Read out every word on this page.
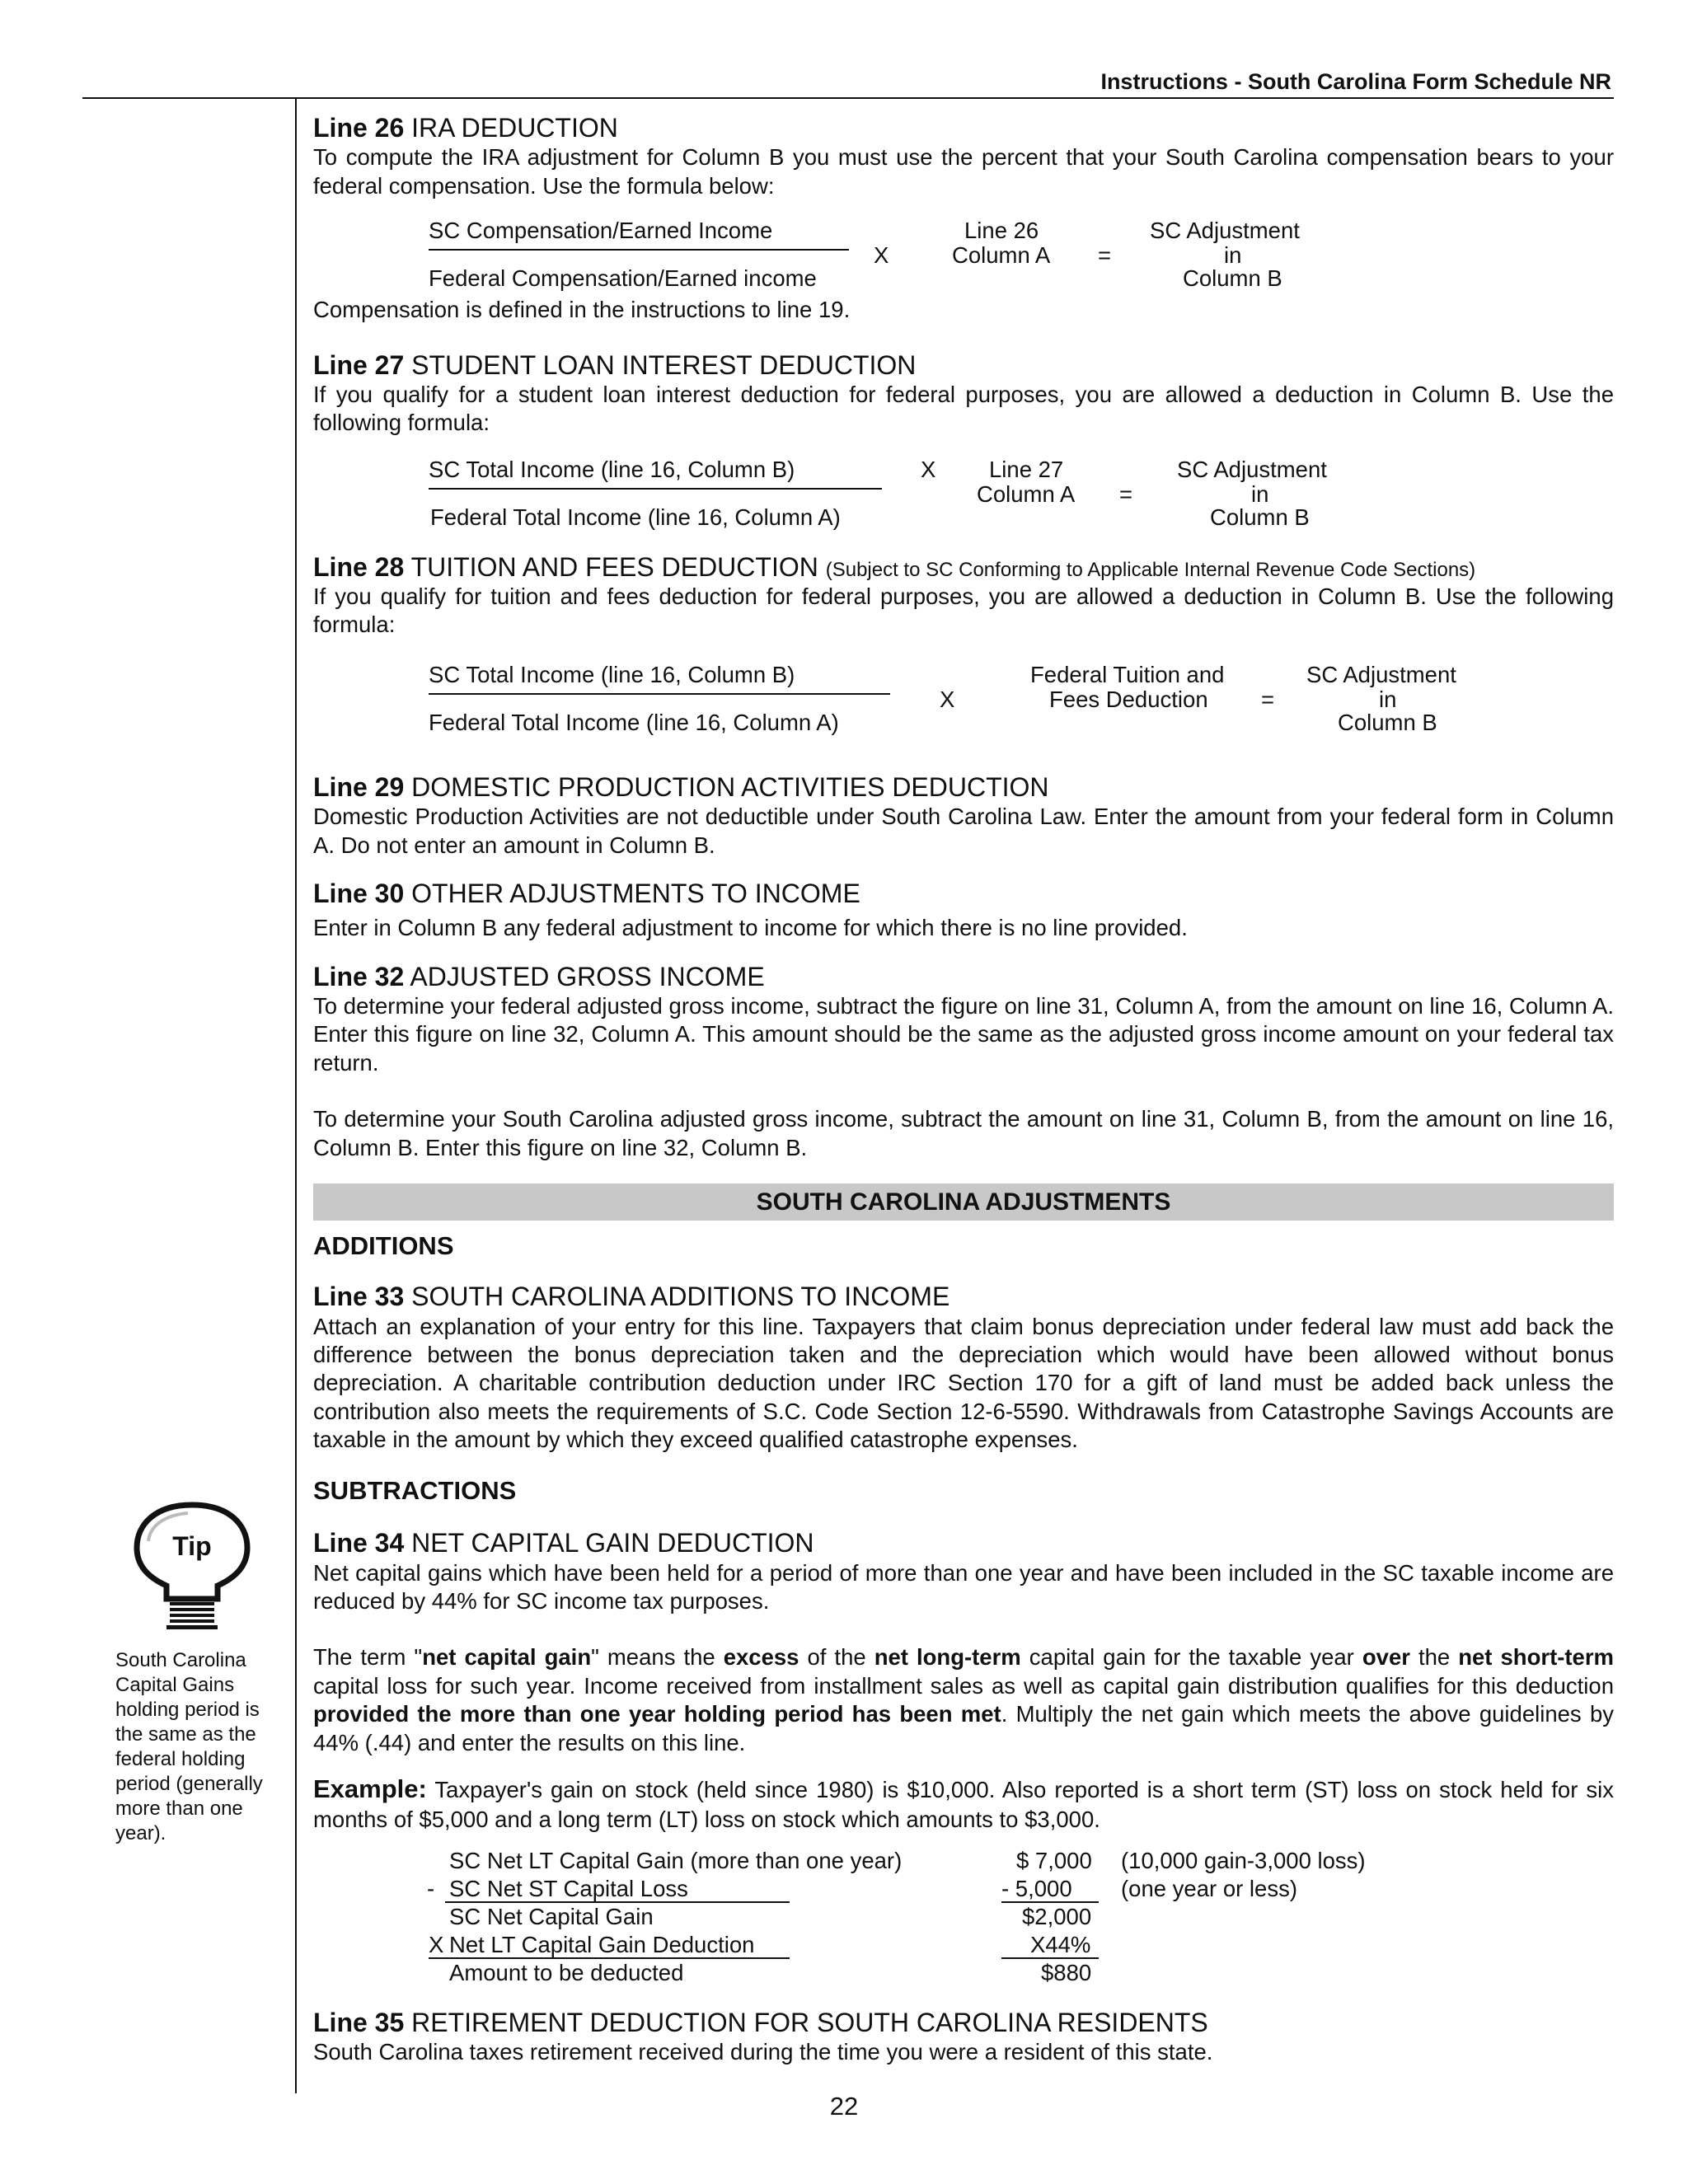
Instructions - South Carolina Form Schedule NR
Line 26 IRA DEDUCTION

To compute the IRA adjustment for Column B you must use the percent that your South Carolina compensation bears to your federal compensation. Use the formula below:

SC Compensation/Earned Income
Federal Compensation/Earned income
X
Line 26
Column A =
SC Adjustment
in
Column B

Compensation is defined in the instructions to line 19.

Line 27 STUDENT LOAN INTEREST DEDUCTION

If you qualify for a student loan interest deduction for federal purposes, you are allowed a deduction in Column B. Use the following formula:

SC Total Income (line 16, Column B)
Federal Total Income (line 16, Column A)
X Line 27
Column A =
SC Adjustment
in
Column B
Line 28 TUITION AND FEES DEDUCTION (Subject to SC Conforming to Applicable Internal Revenue Code Sections)

If you qualify for tuition and fees deduction for federal purposes, you are allowed a deduction in Column B. Use the following formula:

SC Total Income (line 16, Column B)
Federal Total Income (line 16, Column A)
X
Federal Tuition and
Fees Deduction =
SC Adjustment
in
Column B
Line 29 DOMESTIC PRODUCTION ACTIVITIES DEDUCTION

Domestic Production Activities are not deductible under South Carolina Law. Enter the amount from your federal form in Column A. Do not enter an amount in Column B.

Line 30 OTHER ADJUSTMENTS TO INCOME

Enter in Column B any federal adjustment to income for which there is no line provided.

Line 32 ADJUSTED GROSS INCOME

To determine your federal adjusted gross income, subtract the figure on line 31, Column A, from the amount on line 16, Column A. Enter this figure on line 32, Column A. This amount should be the same as the adjusted gross income amount on your federal tax return.

To determine your South Carolina adjusted gross income, subtract the amount on line 31, Column B, from the amount on line 16, Column B. Enter this figure on line 32, Column B.

SOUTH CAROLINA ADJUSTMENTS
ADDITIONS
Line 33 SOUTH CAROLINA ADDITIONS TO INCOME

Attach an explanation of your entry for this line. Taxpayers that claim bonus depreciation under federal law must add back the difference between the bonus depreciation taken and the depreciation which would have been allowed without bonus depreciation. A charitable contribution deduction under IRC Section 170 for a gift of land must be added back unless the contribution also meets the requirements of S.C. Code Section 12-6-5590. Withdrawals from Catastrophe Savings Accounts are taxable in the amount by which they exceed qualified catastrophe expenses.

SUBTRACTIONS
Line 34 NET CAPITAL GAIN DEDUCTION

Net capital gains which have been held for a period of more than one year and have been included in the SC taxable income are reduced by 44% for SC income tax purposes.

The term "net capital gain" means the excess of the net long-term capital gain for the taxable year over the net short-term capital loss for such year. Income received from installment sales as well as capital gain distribution qualifies for this deduction provided the more than one year holding period has been met. Multiply the net gain which meets the above guidelines by 44% (.44) and enter the results on this line.

Example: Taxpayer's gain on stock (held since 1980) is $10,000. Also reported is a short term (ST) loss on stock held for six months of $5,000 and a long term (LT) loss on stock which amounts to $3,000.

SC Net LT Capital Gain (more than one year)	$ 7,000 (10,000 gain-3,000 loss)
- SC Net ST Capital Loss	- 5,000 (one year or less)
SC Net Capital Gain	$2,000
X Net LT Capital Gain Deduction	X44%
Amount to be deducted	$880
Line 35 RETIREMENT DEDUCTION FOR SOUTH CAROLINA RESIDENTS

South Carolina taxes retirement received during the time you were a resident of this state.

Tip
South Carolina Capital Gains holding period is the same as the federal holding period (generally more than one year).
22
